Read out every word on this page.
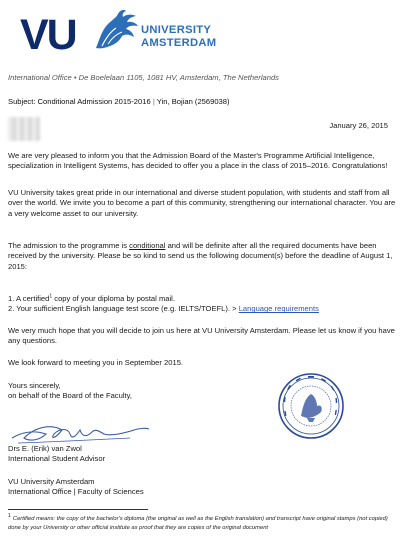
VU	UNIVERSITY
AMSTERDAM
International Office • De Boelelaan 1105, 1081 HV, Amsterdam, The Netherlands
Subject: Conditional Admission 2015-2016 | Yin, Bojian (2569038)
January 26, 2015

We are very pleased to inform you that the Admission Board of the Master's Programme Artificial Intelligence, specialization in Intelligent Systems, has decided to offer you a place in the class of 2015–2016. Congratulations!

VU University takes great pride in our international and diverse student population, with students and staff from all over the world. We invite you to become a part of this community, strengthening our international character. You are a very welcome asset to our university.

The admission to the programme is conditional and will be definite after all the required documents have been received by the university. Please be so kind to send us the following document(s) before the deadline of August 1, 2015:

1. A certified$^1$ copy of your diploma by postal mail.

2. Your sufficient English language test score (e.g. IELTS/TOEFL). > Language requirements

We very much hope that you will decide to join us here at VU University Amsterdam. Please let us know if you have any questions.

We look forward to meeting you in September 2015.

Yours sincerely,

on behalf of the Board of the Faculty,

Drs E. (Erik) van Zwol

International Student Advisor

VU University Amsterdam

International Office | Faculty of Sciences

1 Certified means: the copy of the bachelor's diploma (the original as well as the English translation) and transcript have original stamps (not copied) done by your University or other official institute as proof that they are copies of the original document
